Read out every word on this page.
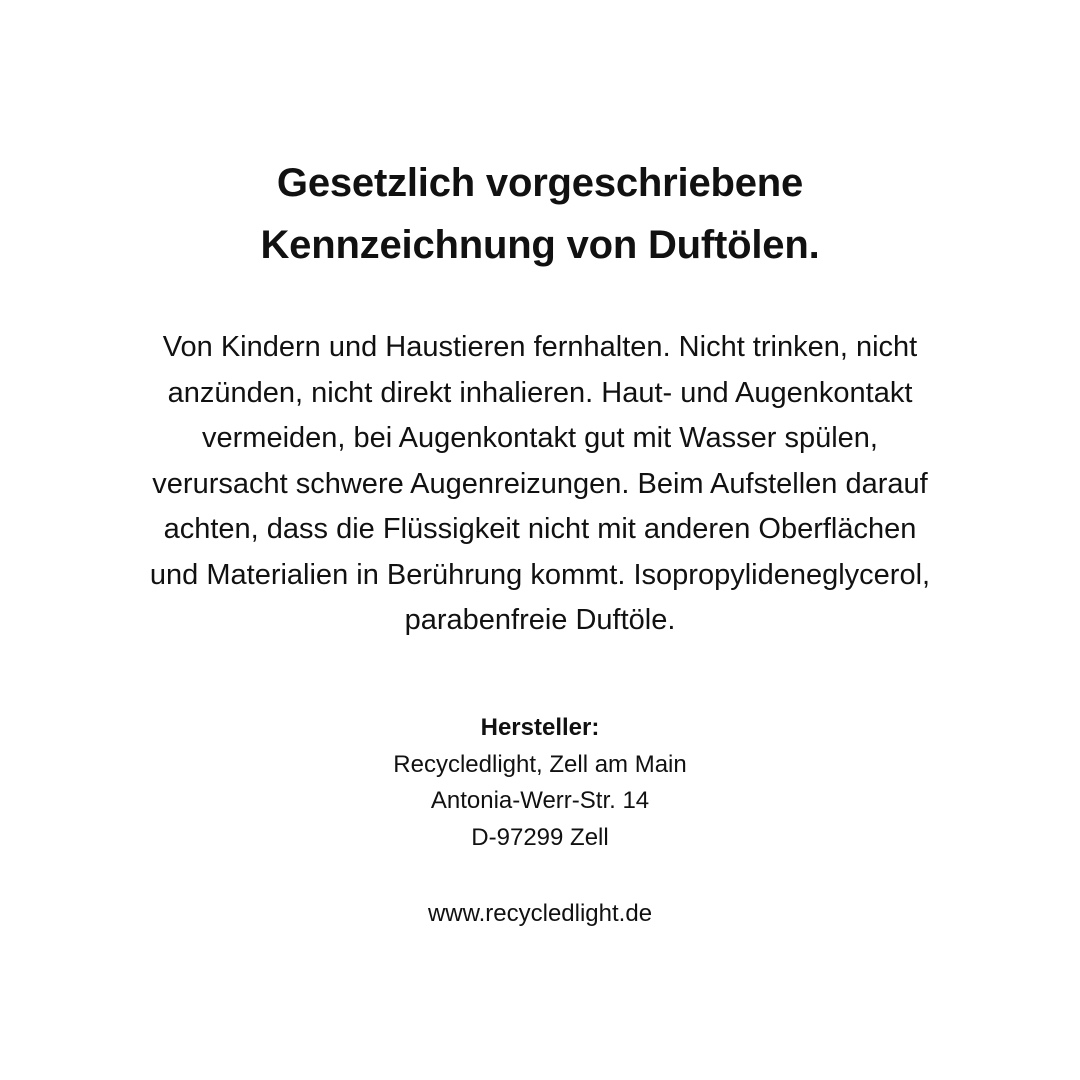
Gesetzlich vorgeschriebene
Kennzeichnung von Duftölen.

Von Kindern und Haustieren fernhalten. Nicht trinken, nicht
anzünden, nicht direkt inhalieren. Haut- und Augenkontakt
vermeiden, bei Augenkontakt gut mit Wasser spülen,
verursacht schwere Augenreizungen. Beim Aufstellen darauf
achten, dass die Flüssigkeit nicht mit anderen Oberflächen
und Materialien in Berührung kommt. Isopropylideneglycerol,
parabenfreie Duftöle.

Hersteller:
Recycledlight, Zell am Main
Antonia-Werr-Str. 14
D-97299 Zell
www.recycledlight.de
